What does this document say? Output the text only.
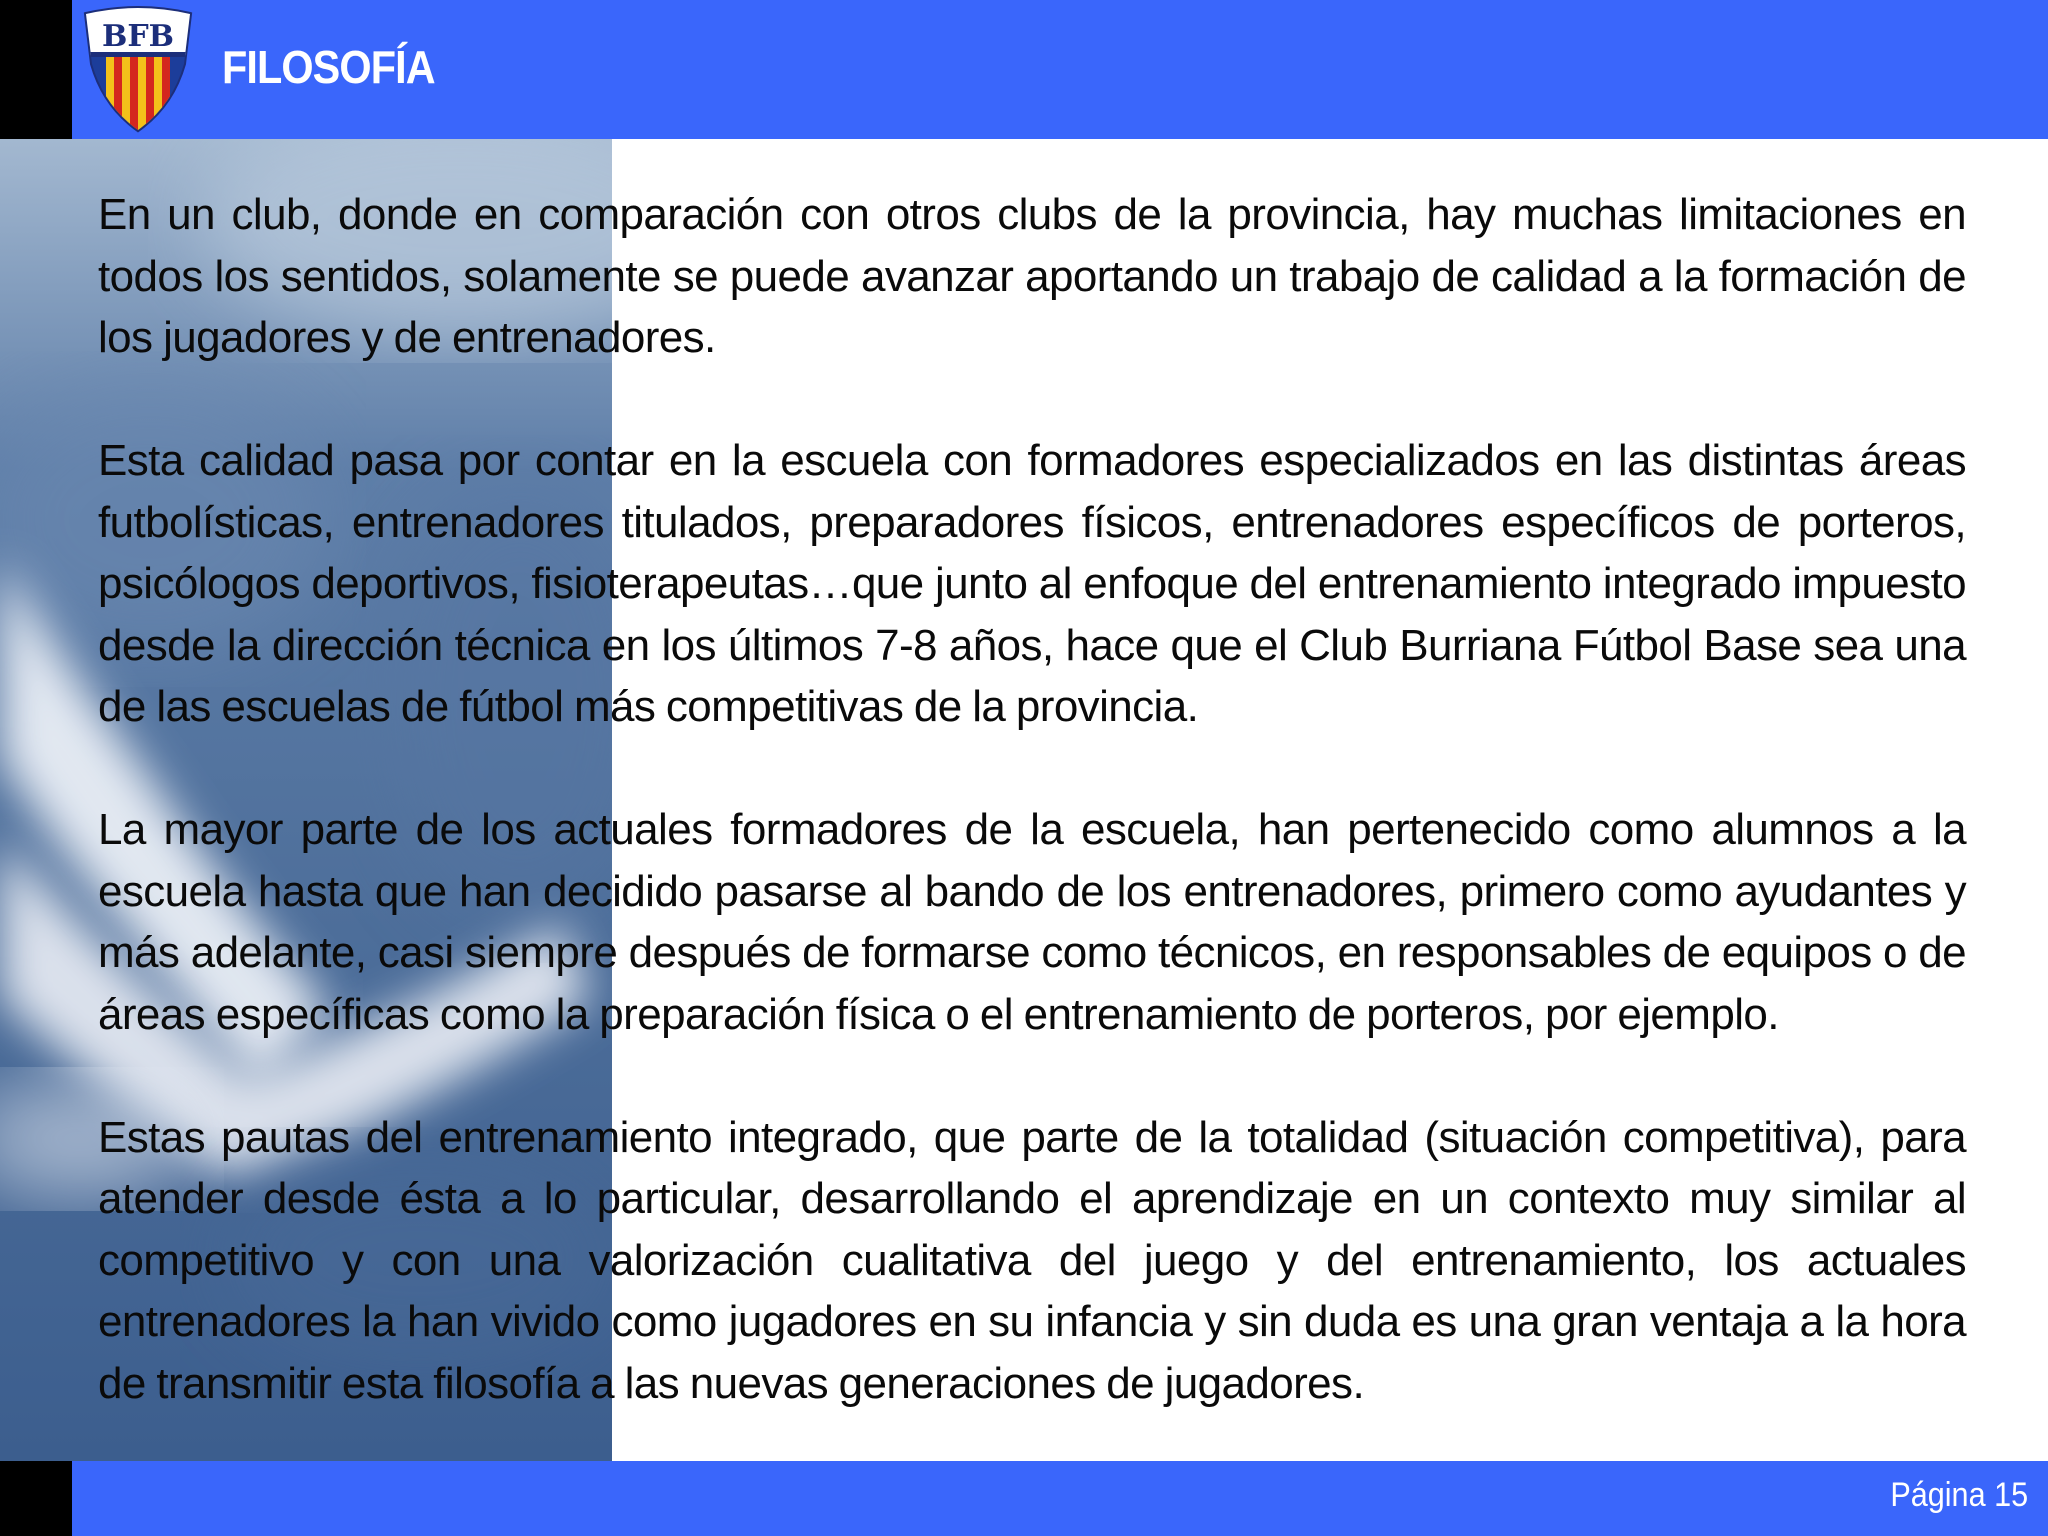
BFB
FILOSOFÍA

En un club, donde en comparación con otros clubs de la provincia, hay muchas limitaciones en todos los sentidos, solamente se puede avanzar aportando un trabajo de calidad a la formación de los jugadores y de entrenadores.

Esta calidad pasa por contar en la escuela con formadores especializados en las distintas áreas futbolísticas, entrenadores titulados, preparadores físicos, entrenadores específicos de porteros, psicólogos deportivos, fisioterapeutas…que junto al enfoque del entrenamiento integrado impuesto desde la dirección técnica en los últimos 7-8 años, hace que el Club Burriana Fútbol Base sea una de las escuelas de fútbol más competitivas de la provincia.

La mayor parte de los actuales formadores de la escuela, han pertenecido como alumnos a la escuela hasta que han decidido pasarse al bando de los entrenadores, primero como ayudantes y más adelante, casi siempre después de formarse como técnicos, en responsables de equipos o de áreas específicas como la preparación física o el entrenamiento de porteros, por ejemplo.

Estas pautas del entrenamiento integrado, que parte de la totalidad (situación competitiva), para atender desde ésta a lo particular, desarrollando el aprendizaje en un contexto muy similar al competitivo y con una valorización cualitativa del juego y del entrenamiento, los actuales entrenadores la han vivido como jugadores en su infancia y sin duda es una gran ventaja a la hora de transmitir esta filosofía a las nuevas generaciones de jugadores.

Página 15
